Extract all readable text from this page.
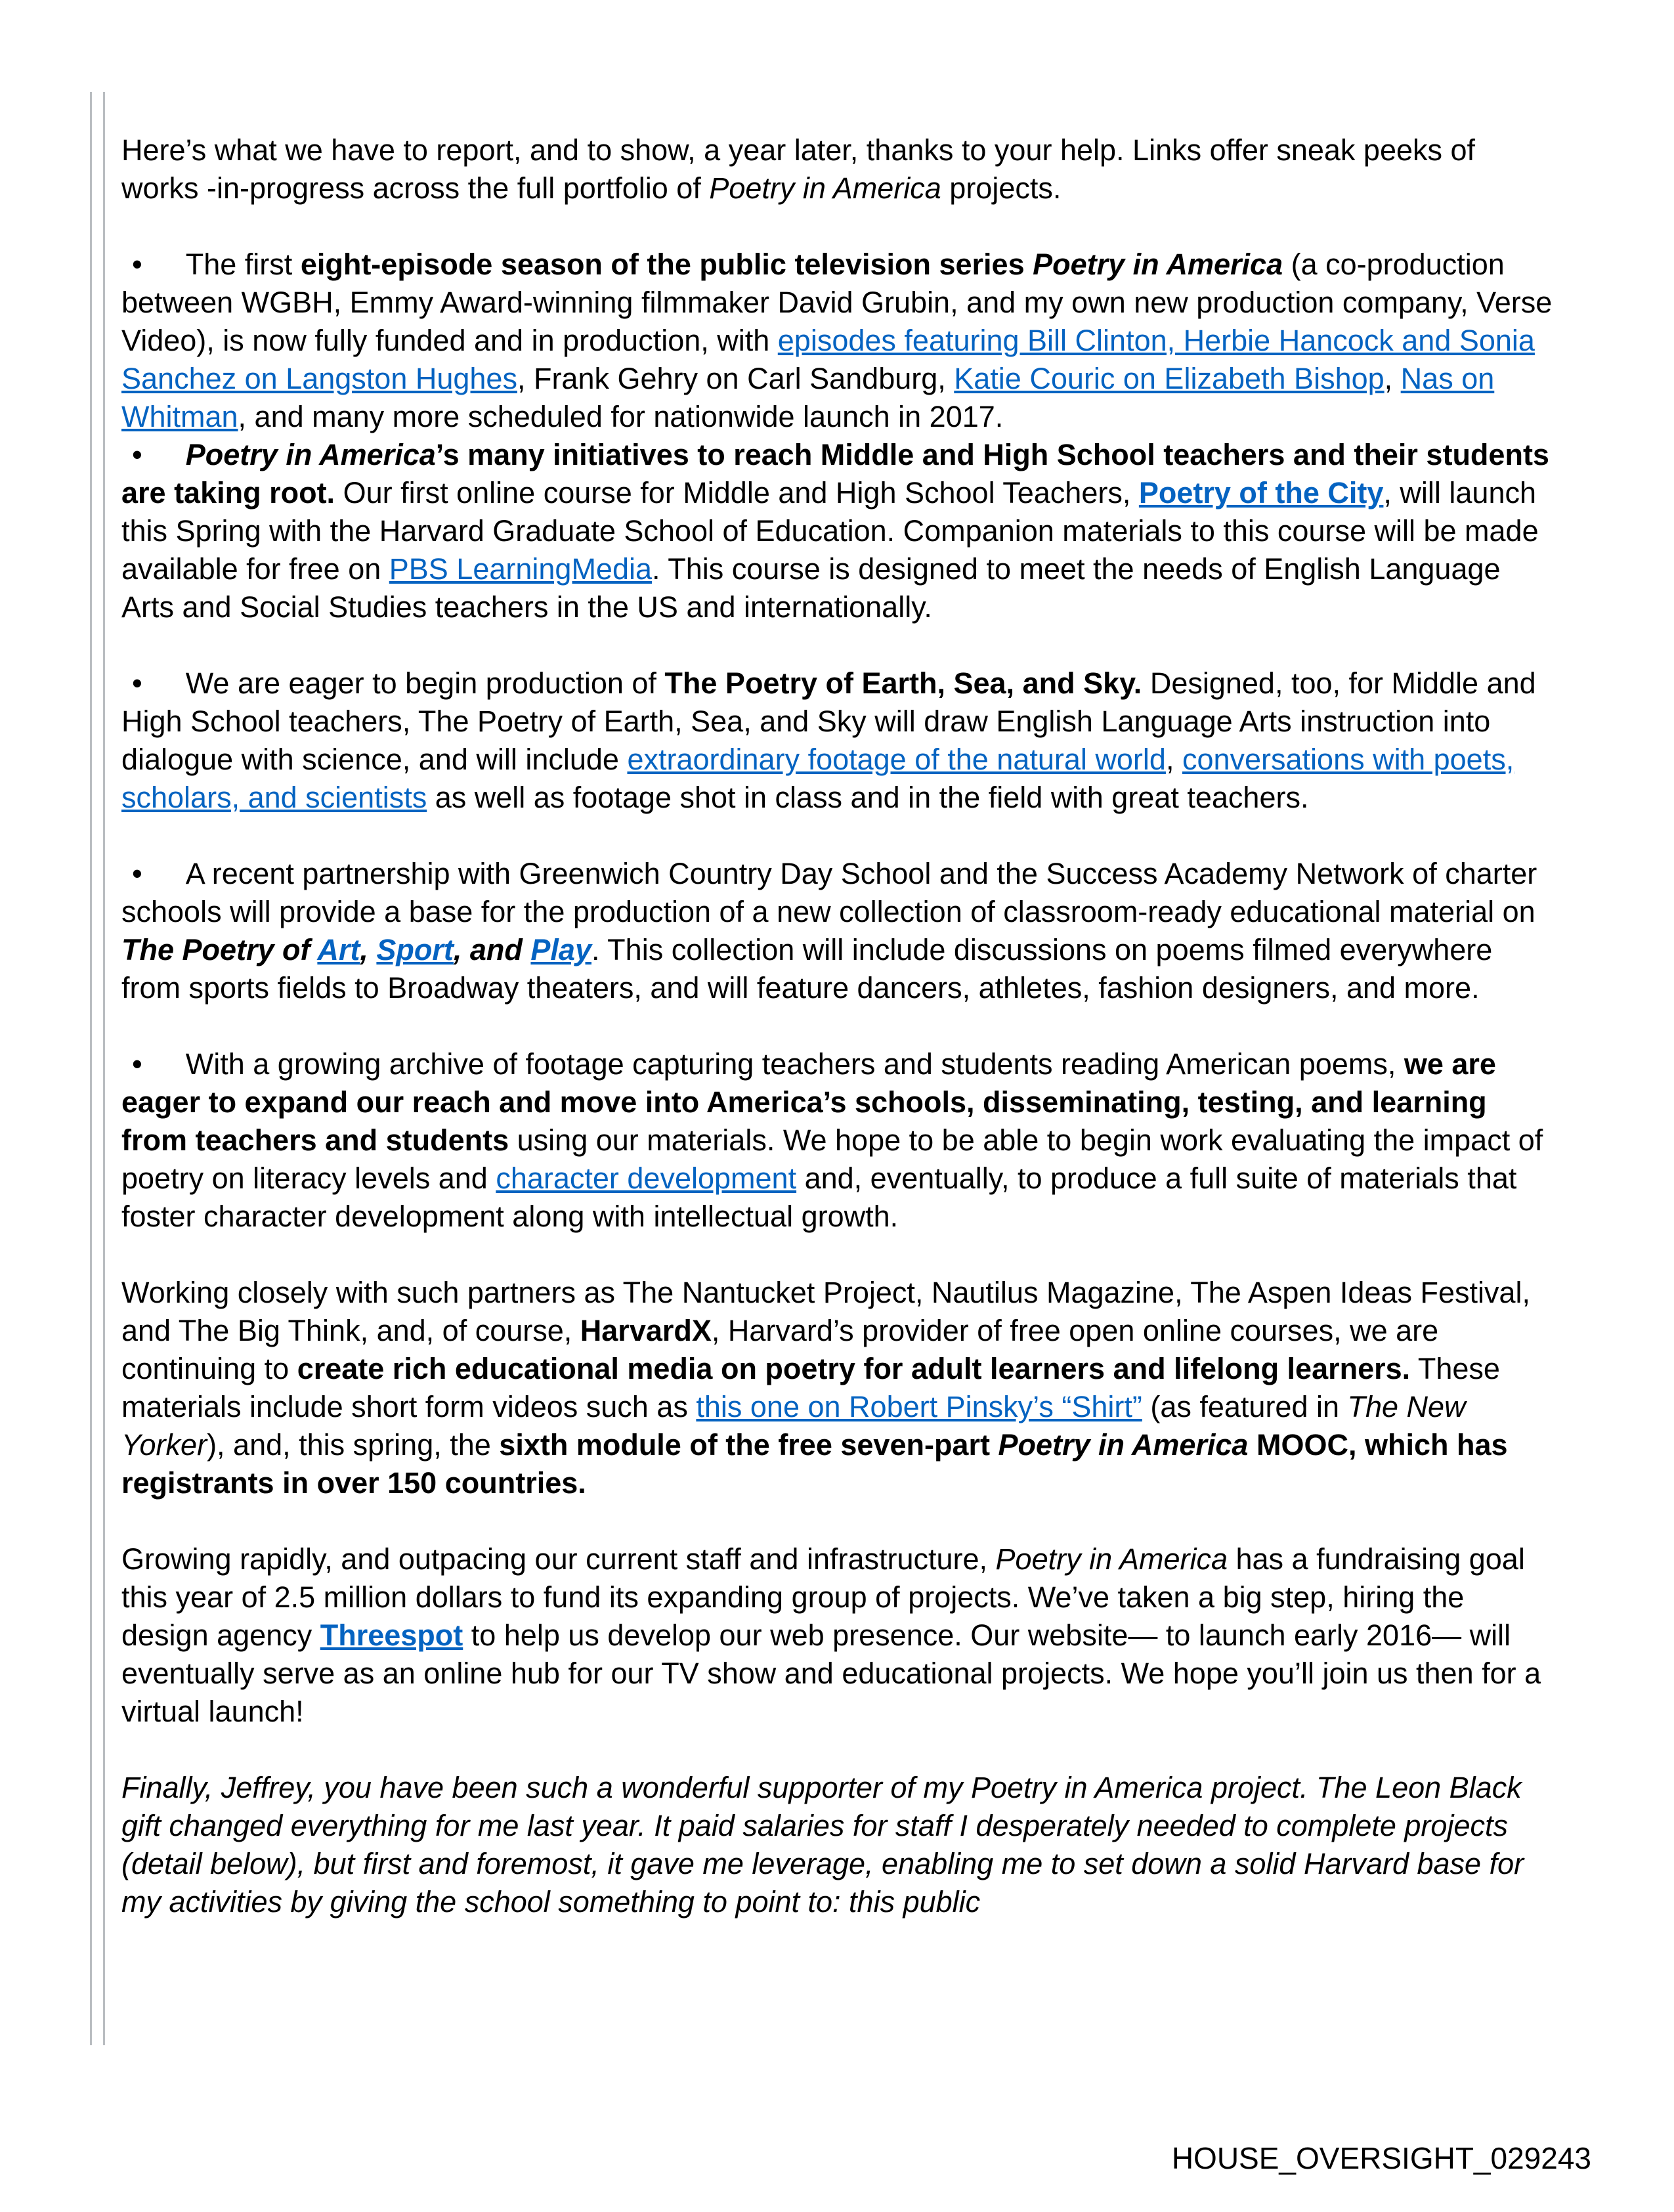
Here’s what we have to report, and to show, a year later, thanks to your help. Links offer sneak peeks of works -in-progress across the full portfolio of Poetry in America projects.

• The first eight-episode season of the public television series Poetry in America (a co-production between WGBH, Emmy Award-winning filmmaker David Grubin, and my own new production company, Verse Video), is now fully funded and in production, with episodes featuring Bill Clinton, Herbie Hancock and Sonia Sanchez on Langston Hughes, Frank Gehry on Carl Sandburg, Katie Couric on Elizabeth Bishop, Nas on Whitman, and many more scheduled for nationwide launch in 2017.

• Poetry in America’s many initiatives to reach Middle and High School teachers and their students are taking root. Our first online course for Middle and High School Teachers, Poetry of the City, will launch this Spring with the Harvard Graduate School of Education. Companion materials to this course will be made available for free on PBS LearningMedia. This course is designed to meet the needs of English Language Arts and Social Studies teachers in the US and internationally.

• We are eager to begin production of The Poetry of Earth, Sea, and Sky. Designed, too, for Middle and High School teachers, The Poetry of Earth, Sea, and Sky will draw English Language Arts instruction into dialogue with science, and will include extraordinary footage of the natural world, conversations with poets, scholars, and scientists as well as footage shot in class and in the field with great teachers.

• A recent partnership with Greenwich Country Day School and the Success Academy Network of charter schools will provide a base for the production of a new collection of classroom-ready educational material on The Poetry of Art, Sport, and Play. This collection will include discussions on poems filmed everywhere from sports fields to Broadway theaters, and will feature dancers, athletes, fashion designers, and more.

• With a growing archive of footage capturing teachers and students reading American poems, we are eager to expand our reach and move into America’s schools, disseminating, testing, and learning from teachers and students using our materials. We hope to be able to begin work evaluating the impact of poetry on literacy levels and character development and, eventually, to produce a full suite of materials that foster character development along with intellectual growth.

Working closely with such partners as The Nantucket Project, Nautilus Magazine, The Aspen Ideas Festival, and The Big Think, and, of course, HarvardX, Harvard’s provider of free open online courses, we are continuing to create rich educational media on poetry for adult learners and lifelong learners. These materials include short form videos such as this one on Robert Pinsky’s “Shirt” (as featured in The New Yorker), and, this spring, the sixth module of the free seven-part Poetry in America MOOC, which has registrants in over 150 countries.

Growing rapidly, and outpacing our current staff and infrastructure, Poetry in America has a fundraising goal this year of 2.5 million dollars to fund its expanding group of projects. We’ve taken a big step, hiring the design agency Threespot to help us develop our web presence. Our website— to launch early 2016— will eventually serve as an online hub for our TV show and educational projects. We hope you’ll join us then for a virtual launch!

Finally, Jeffrey, you have been such a wonderful supporter of my Poetry in America project. The Leon Black gift changed everything for me last year. It paid salaries for staff I desperately needed to complete projects (detail below), but first and foremost, it gave me leverage, enabling me to set down a solid Harvard base for my activities by giving the school something to point to: this public

HOUSE_OVERSIGHT_029243
